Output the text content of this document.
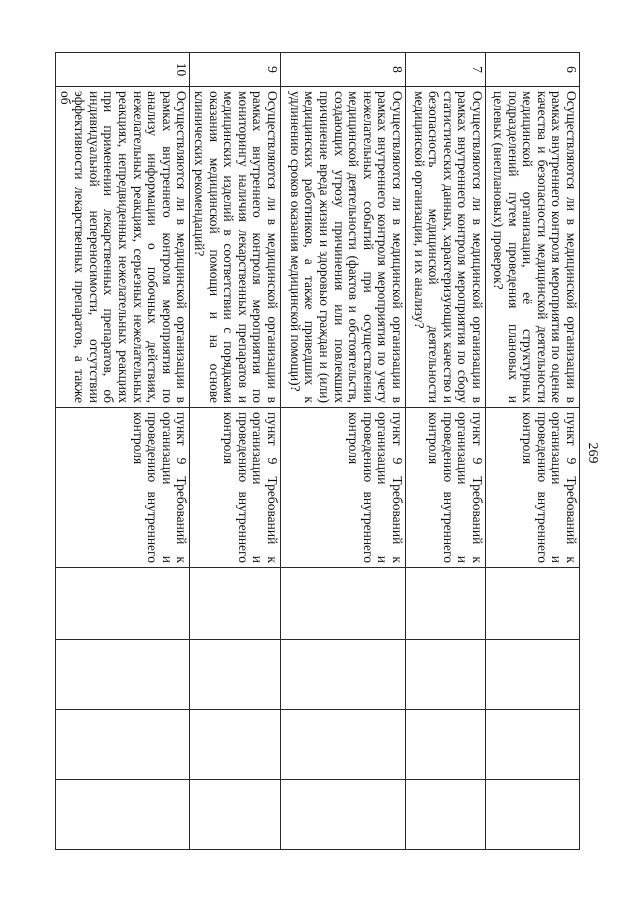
269
6	Осуществляются ли в медицинской организации в рамках внутреннего контроля мероприятия по оценке качества и безопасности медицинской деятельности медицинской организации, её структурных подразделений путем проведения плановых и целевых (внеплановых) проверок?	пункт 9 Требований к организации и проведению внутреннего контроля				
7	Осуществляются ли в медицинской организации в рамках внутреннего контроля мероприятия по сбору статистических данных, характеризующих качество и безопасность медицинской деятельности медицинской организации, и их анализу?	пункт 9 Требований к организации и проведению внутреннего контроля				
8	Осуществляются ли в медицинской организации в рамках внутреннего контроля мероприятия по учету нежелательных событий при осуществлении медицинской деятельности (фактов и обстоятельств, создающих угрозу причинения или повлекших причинение вреда жизни и здоровью граждан и (или) медицинских работников, а также приведших к удлинению сроков оказания медицинской помощи)?	пункт 9 Требований к организации и проведению внутреннего контроля				
9	Осуществляются ли в медицинской организации в рамках внутреннего контроля мероприятия по мониторингу наличия лекарственных препаратов и медицинских изделий в соответствии с порядками оказания медицинской помощи и на основе клинических рекомендаций?	пункт 9 Требований к организации и проведению внутреннего контроля				
10	Осуществляются ли в медицинской организации в рамках внутреннего контроля мероприятия по анализу информации о побочных действиях, нежелательных реакциях, серьезных нежелательных реакциях, непредвиденных нежелательных реакциях при применении лекарственных препаратов, об индивидуальной непереносимости, отсутствии эффективности лекарственных препаратов, а также об	пункт 9 Требований к организации и проведению внутреннего контроля				
